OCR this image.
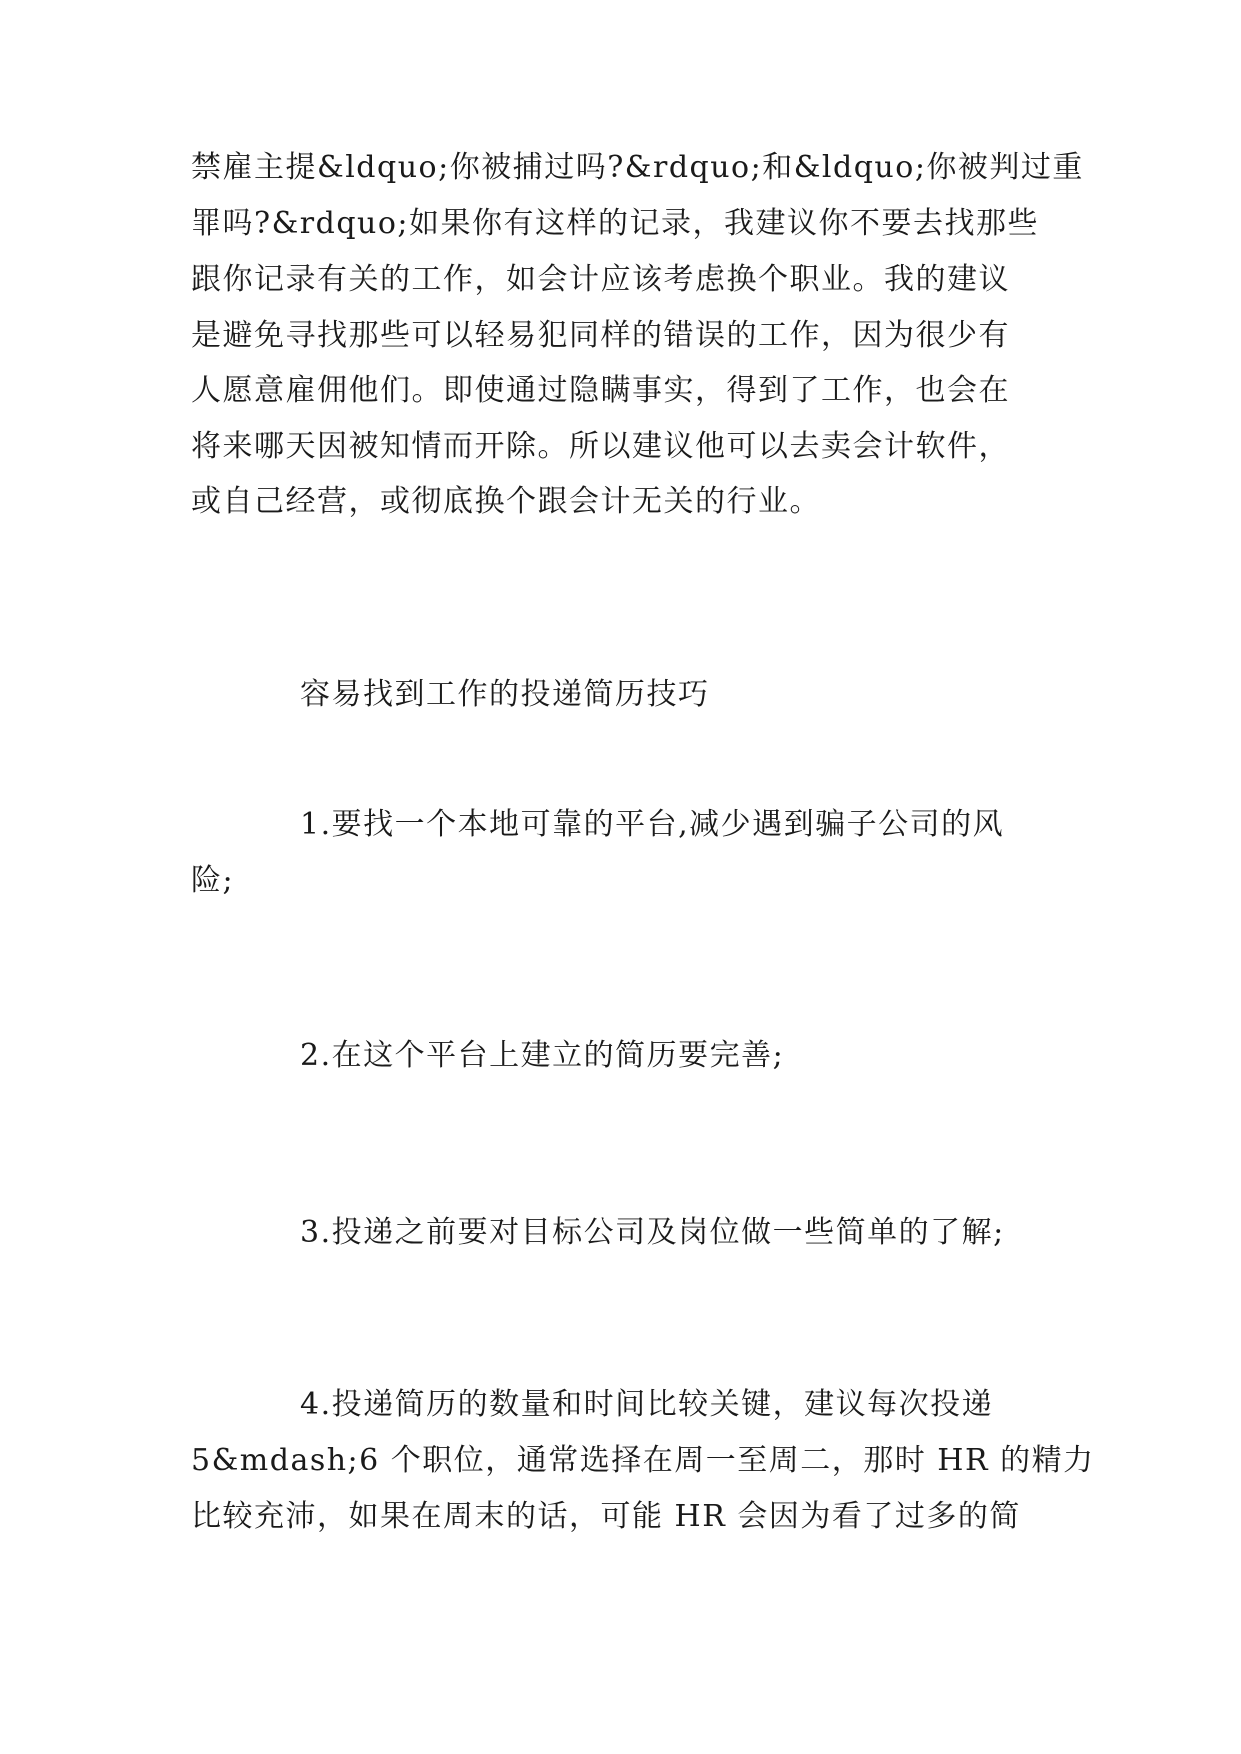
禁雇主提&ldquo;你被捕过吗?&rdquo;和&ldquo;你被判过重
罪吗?&rdquo;如果你有这样的记录，我建议你不要去找那些
跟你记录有关的工作，如会计应该考虑换个职业。我的建议
是避免寻找那些可以轻易犯同样的错误的工作，因为很少有
人愿意雇佣他们。即使通过隐瞒事实，得到了工作，也会在
将来哪天因被知情而开除。所以建议他可以去卖会计软件，
或自己经营，或彻底换个跟会计无关的行业。
容易找到工作的投递简历技巧
1.要找一个本地可靠的平台,减少遇到骗子公司的风
险;
2.在这个平台上建立的简历要完善;
3.投递之前要对目标公司及岗位做一些简单的了解;
4.投递简历的数量和时间比较关键，建议每次投递
5&mdash;6 个职位，通常选择在周一至周二，那时 HR 的精力
比较充沛，如果在周末的话，可能 HR 会因为看了过多的简
